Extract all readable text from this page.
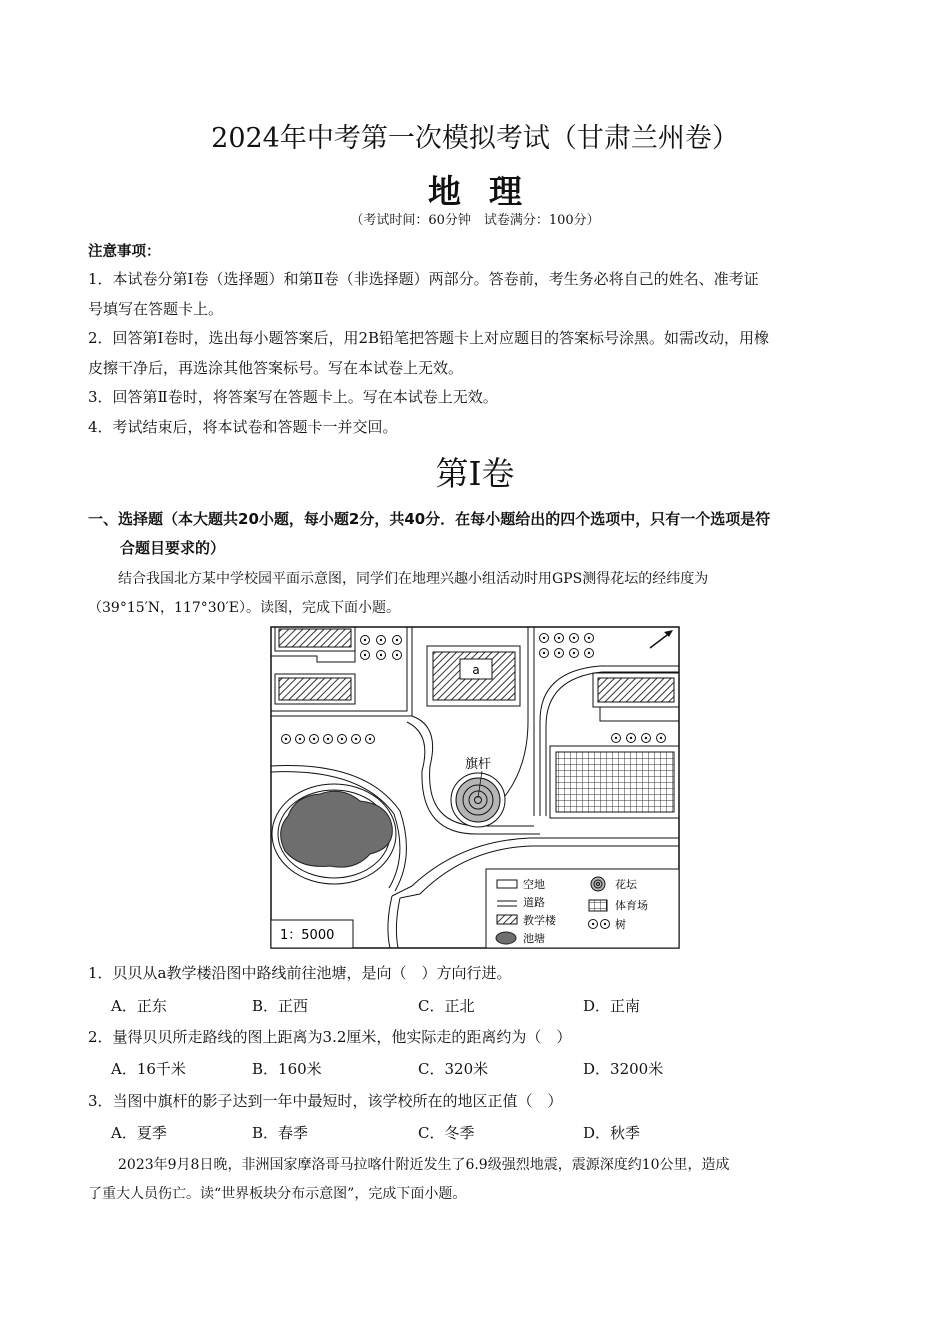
2024年中考第一次模拟考试（甘肃兰州卷）
地理
（考试时间：60分钟　试卷满分：100分）
注意事项：
1．本试卷分第Ⅰ卷（选择题）和第Ⅱ卷（非选择题）两部分。答卷前，考生务必将自己的姓名、准考证
号填写在答题卡上。
2．回答第Ⅰ卷时，选出每小题答案后，用2B铅笔把答题卡上对应题目的答案标号涂黑。如需改动，用橡
皮擦干净后，再选涂其他答案标号。写在本试卷上无效。
3．回答第Ⅱ卷时，将答案写在答题卡上。写在本试卷上无效。
4．考试结束后，将本试卷和答题卡一并交回。
第Ⅰ卷
一、选择题（本大题共20小题，每小题2分，共40分．在每小题给出的四个选项中，只有一个选项是符
合题目要求的）
结合我国北方某中学校园平面示意图，同学们在地理兴趣小组活动时用GPS测得花坛的经纬度为
（39°15′N，117°30′E）。读图，完成下面小题。
a
旗杆
1：5000
空地
道路
教学楼
池塘
花坛
体育场
树
1．贝贝从a教学楼沿图中路线前往池塘，是向（　）方向行进。
A．正东	B．正西	C．正北	D．正南
2．量得贝贝所走路线的图上距离为3.2厘米，他实际走的距离约为（　）
A．16千米	B．160米	C．320米	D．3200米
3．当图中旗杆的影子达到一年中最短时，该学校所在的地区正值（　）
A．夏季	B．春季	C．冬季	D．秋季
2023年9月8日晚，非洲国家摩洛哥马拉喀什附近发生了6.9级强烈地震，震源深度约10公里，造成
了重大人员伤亡。读“世界板块分布示意图”，完成下面小题。
